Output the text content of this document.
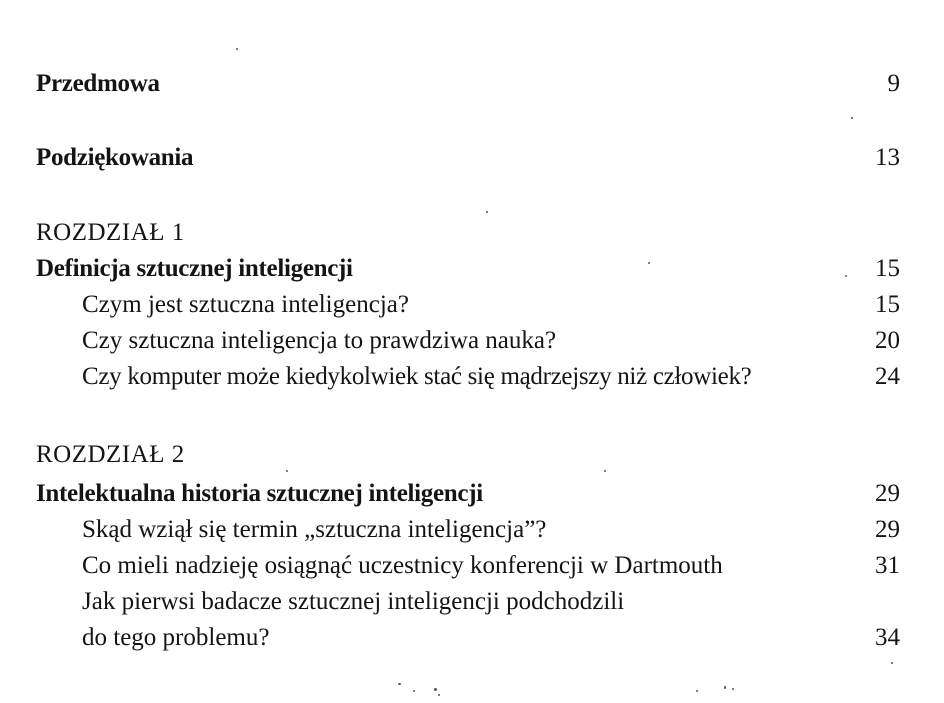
Przedmowa	9
Podziękowania	13
ROZDZIAŁ 1
Definicja sztucznej inteligencji	15
Czym jest sztuczna inteligencja?	15
Czy sztuczna inteligencja to prawdziwa nauka?	20
Czy komputer może kiedykolwiek stać się mądrzejszy niż człowiek?	24
ROZDZIAŁ 2
Intelektualna historia sztucznej inteligencji	29
Skąd wziął się termin „sztuczna inteligencja”?	29
Co mieli nadzieję osiągnąć uczestnicy konferencji w Dartmouth	31
Jak pierwsi badacze sztucznej inteligencji podchodzili
do tego problemu?	34
